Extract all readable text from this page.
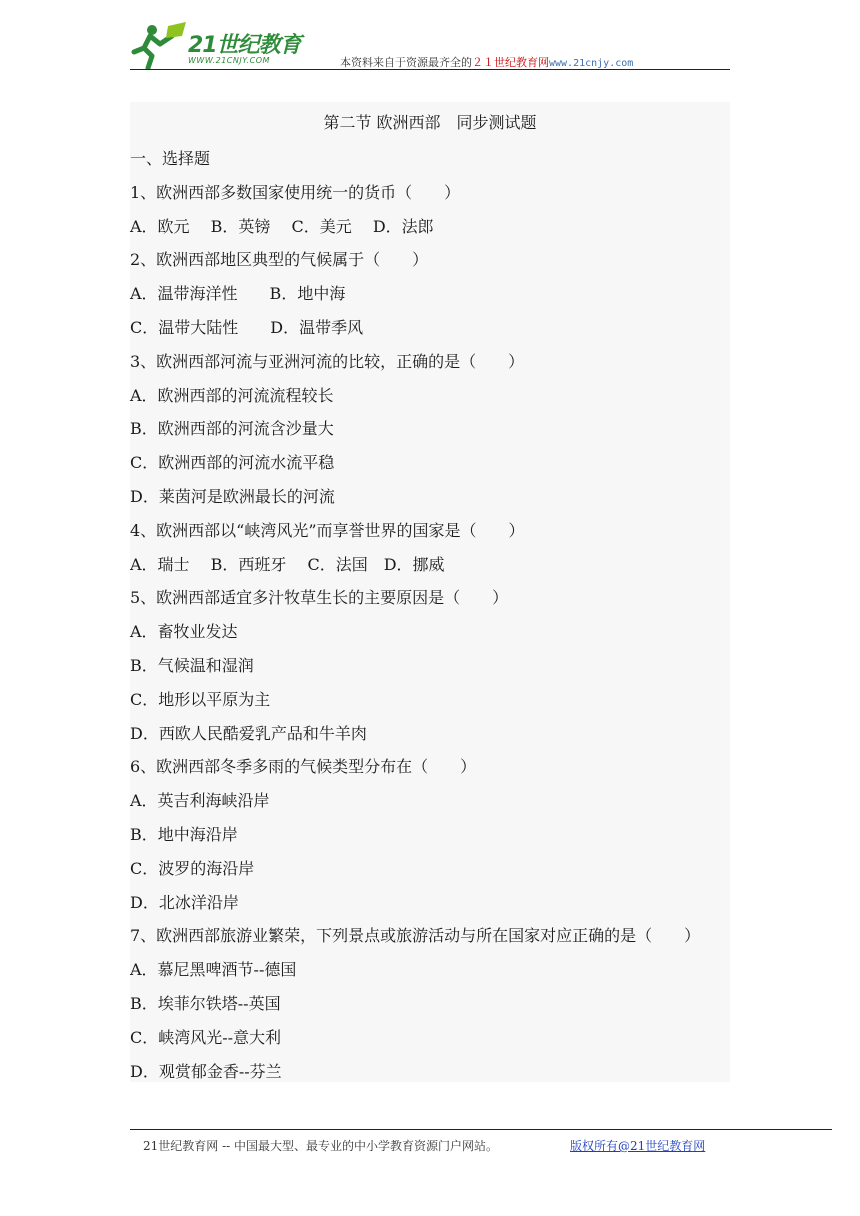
21世纪教育
WWW.21CNJY.COM	本资料来自于资源最齐全的２１世纪教育网www.21cnjy.com
第二节 欧洲西部　同步测试题
一、选择题
1、欧洲西部多数国家使用统一的货币（　　）
A．欧元　 B．英镑　 C．美元　 D．法郎
2、欧洲西部地区典型的气候属于（　　）
A．温带海洋性　　B．地中海
C．温带大陆性　　D．温带季风
3、欧洲西部河流与亚洲河流的比较，正确的是（　　）
A．欧洲西部的河流流程较长
B．欧洲西部的河流含沙量大
C．欧洲西部的河流水流平稳
D．莱茵河是欧洲最长的河流
4、欧洲西部以“峡湾风光”而享誉世界的国家是（　　）
A．瑞士　 B．西班牙　 C．法国　D．挪威
5、欧洲西部适宜多汁牧草生长的主要原因是（　　）
A．畜牧业发达
B．气候温和湿润
C．地形以平原为主
D．西欧人民酷爱乳产品和牛羊肉
6、欧洲西部冬季多雨的气候类型分布在（　　）
A．英吉利海峡沿岸
B．地中海沿岸
C．波罗的海沿岸
D．北冰洋沿岸
7、欧洲西部旅游业繁荣，下列景点或旅游活动与所在国家对应正确的是（　　）
A．慕尼黑啤酒节--德国
B．埃菲尔铁塔--英国
C．峡湾风光--意大利
D．观赏郁金香--芬兰
21世纪教育网 -- 中国最大型、最专业的中小学教育资源门户网站。	版权所有@21世纪教育网
